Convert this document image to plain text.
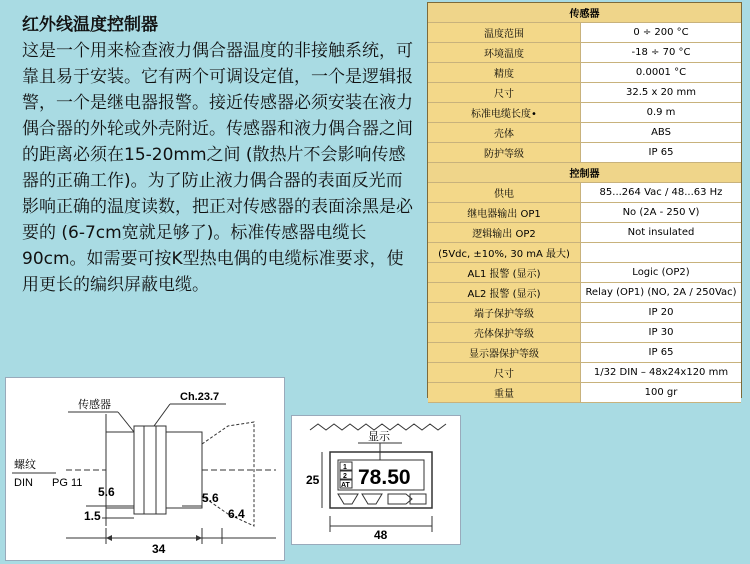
红外线温度控制器

这是一个用来检查液力偶合器温度的非接触系统，可靠且易于安装。它有两个可调设定值，一个是逻辑报警，一个是继电器报警。接近传感器必须安装在液力偶合器的外轮或外壳附近。传感器和液力偶合器之间的距离必须在15-20mm之间 (散热片不会影响传感器的正确工作)。为了防止液力偶合器的表面反光而影响正确的温度读数，把正对传感器的表面涂黑是必要的 (6-7cm宽就足够了)。标准传感器电缆长90cm。如需要可按K型热电偶的电缆标准要求，使用更长的编织屏蔽电缆。

传感器	
温度范围	0 ÷ 200 °C
环境温度	-18 ÷ 70 °C
精度	0.0001 °C
尺寸	32.5 x 20 mm
标准电缆长度•	0.9 m
壳体	ABS
防护等级	IP 65
控制器	
供电	85...264 Vac / 48...63 Hz
继电器输出 OP1	No (2A - 250 V)
逻辑输出 OP2	Not insulated
(5Vdc, ±10%, 30 mA 最大)	
AL1 报警 (显示)	Logic (OP2)
AL2 报警 (显示)	Relay (OP1) (NO, 2A / 250Vac)
端子保护等级	IP 20
壳体保护等级	IP 30
显示器保护等级	IP 65
尺寸	1/32 DIN – 48x24x120 mm
重量	100 gr
传感器
Ch.23.7
螺纹
DIN PG 11
5.6
1.5
34
5.6
6.4
显示
1
2
AT 78.50
25
48
